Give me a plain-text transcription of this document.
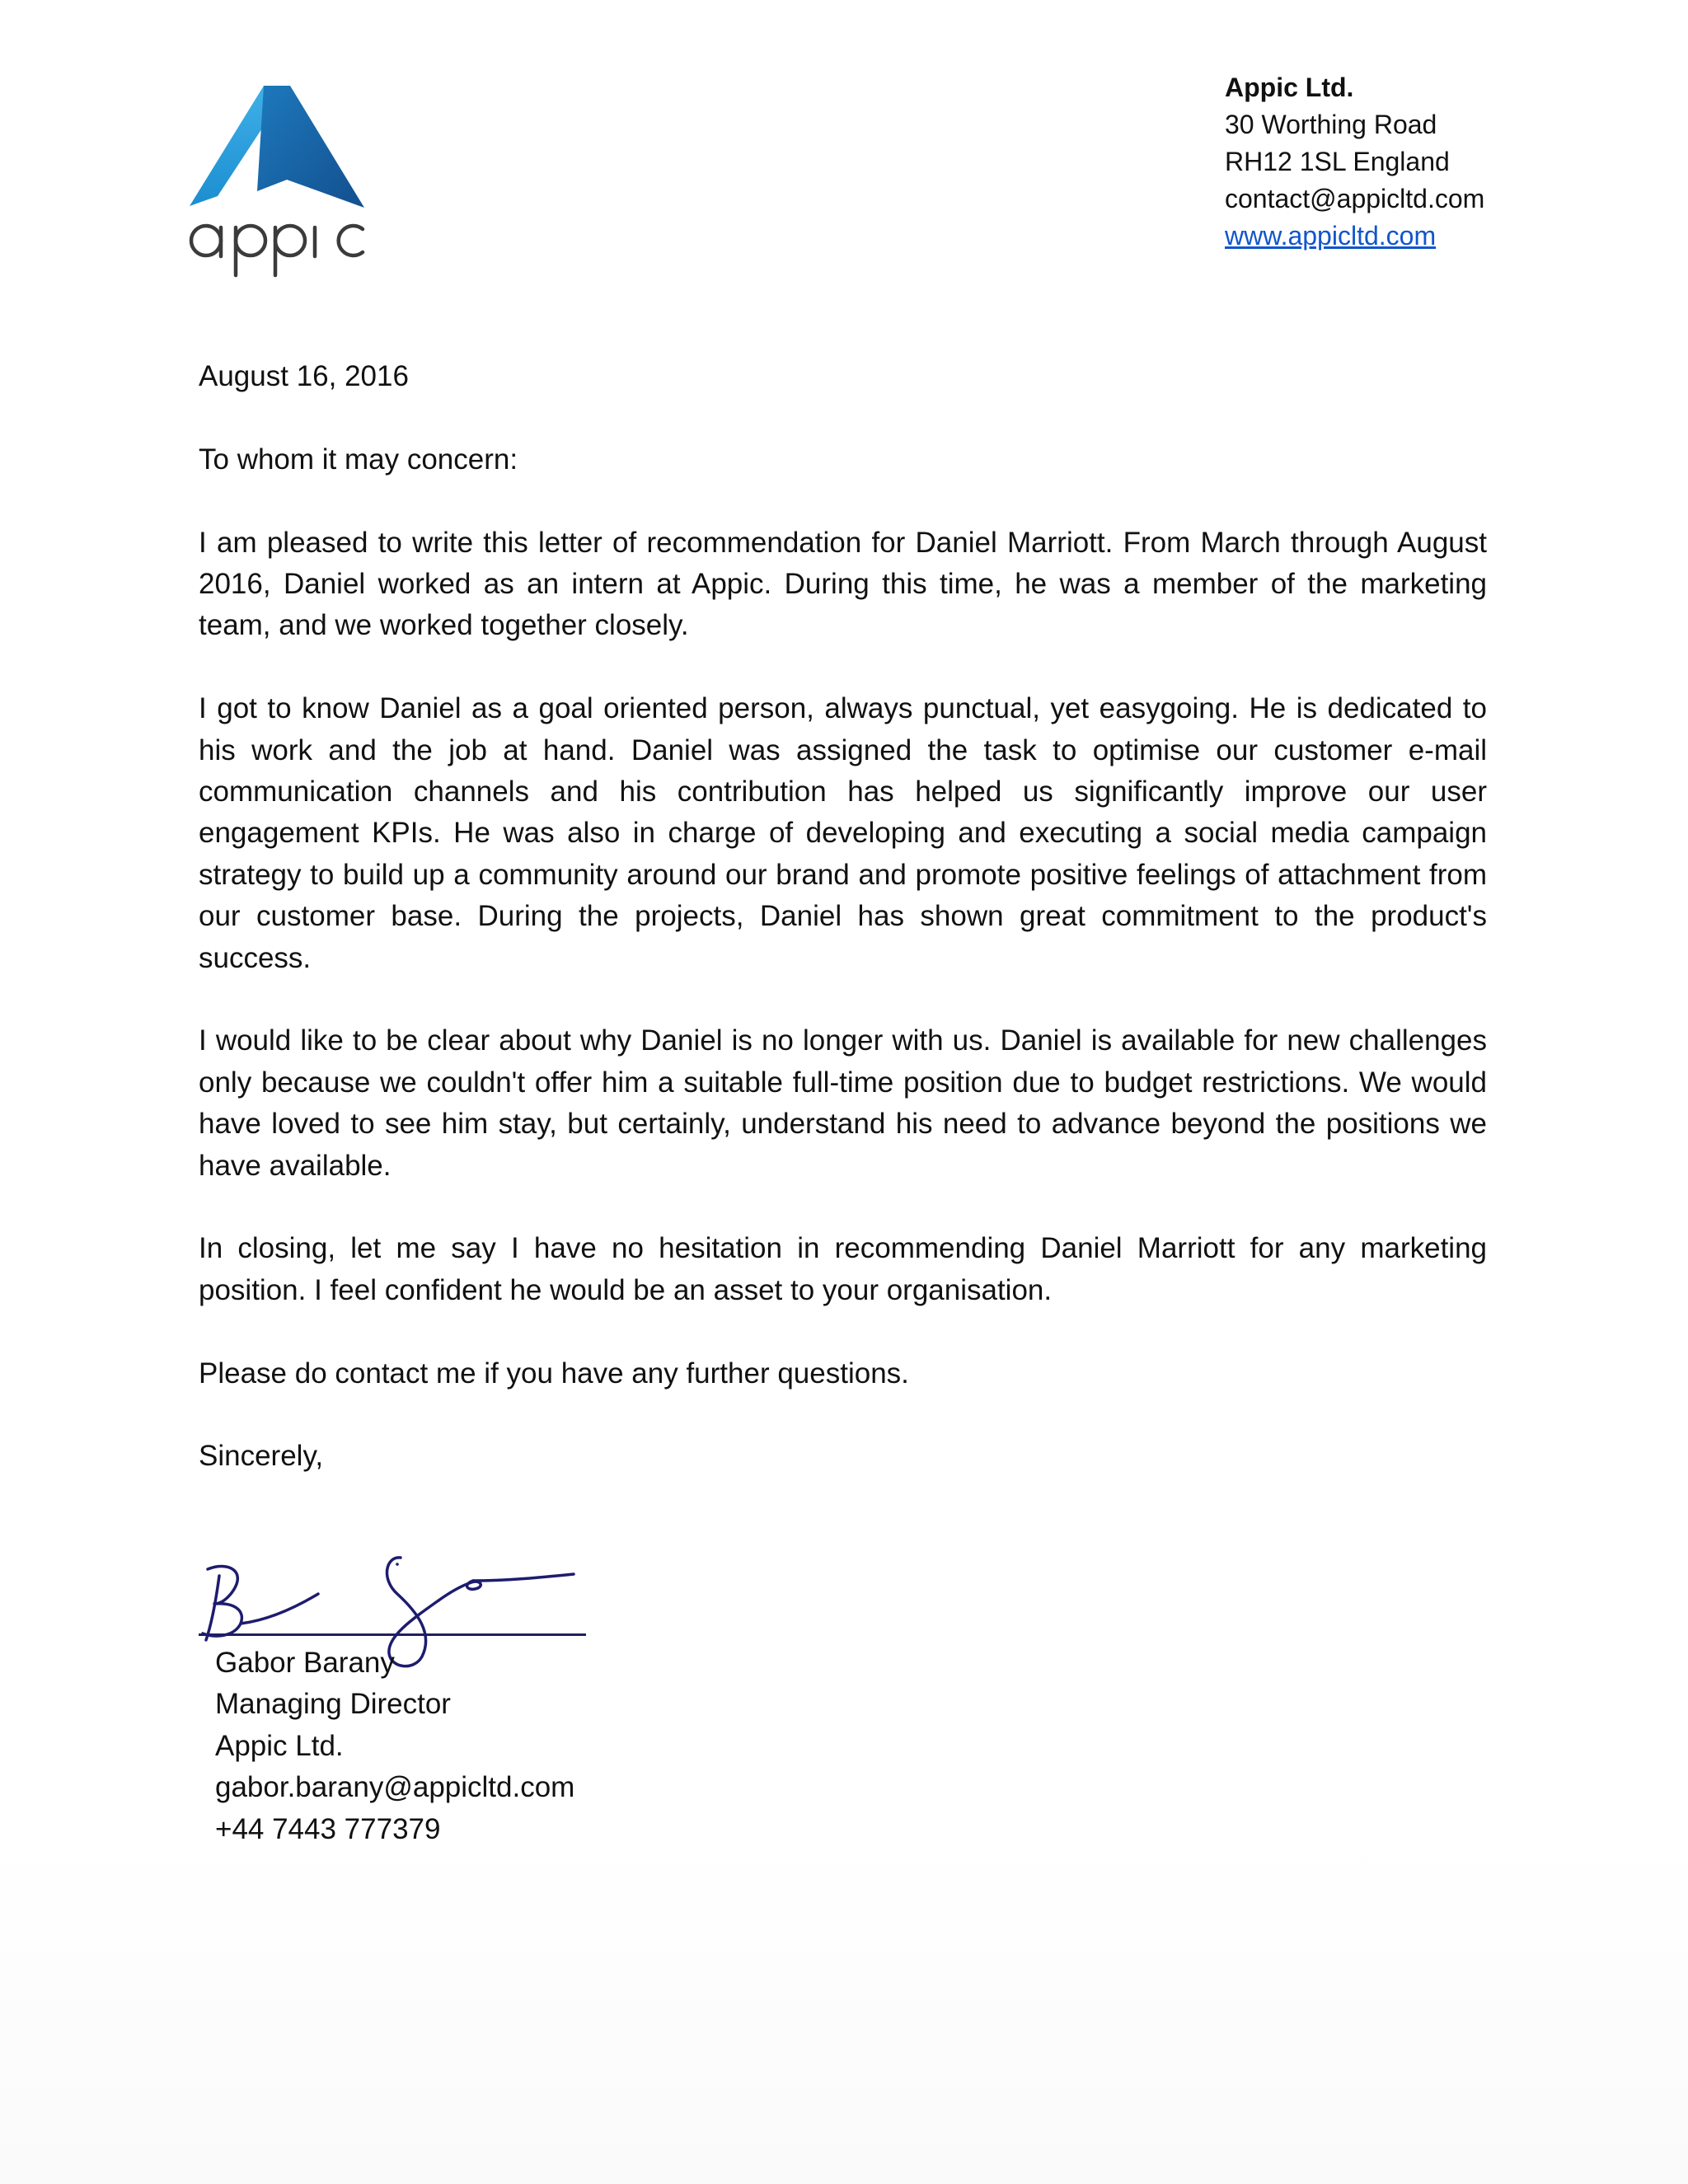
Appic Ltd.
30 Worthing Road
RH12 1SL England
contact@appicltd.com
www.appicltd.com

August 16, 2016

To whom it may concern:

I am pleased to write this letter of recommendation for Daniel Marriott. From March through August 2016, Daniel worked as an intern at Appic. During this time, he was a member of the marketing team, and we worked together closely.

I got to know Daniel as a goal oriented person, always punctual, yet easygoing. He is dedicated to his work and the job at hand. Daniel was assigned the task to optimise our customer e-mail communication channels and his contribution has helped us significantly improve our user engagement KPIs. He was also in charge of developing and executing a social media campaign strategy to build up a community around our brand and promote positive feelings of attachment from our customer base. During the projects, Daniel has shown great commitment to the product's success.

I would like to be clear about why Daniel is no longer with us. Daniel is available for new challenges only because we couldn't offer him a suitable full-time position due to budget restrictions. We would have loved to see him stay, but certainly, understand his need to advance beyond the positions we have available.

In closing, let me say I have no hesitation in recommending Daniel Marriott for any marketing position. I feel confident he would be an asset to your organisation.

Please do contact me if you have any further questions.

Sincerely,

Gabor Barany
Managing Director
Appic Ltd.
gabor.barany@appicltd.com
+44 7443 777379
